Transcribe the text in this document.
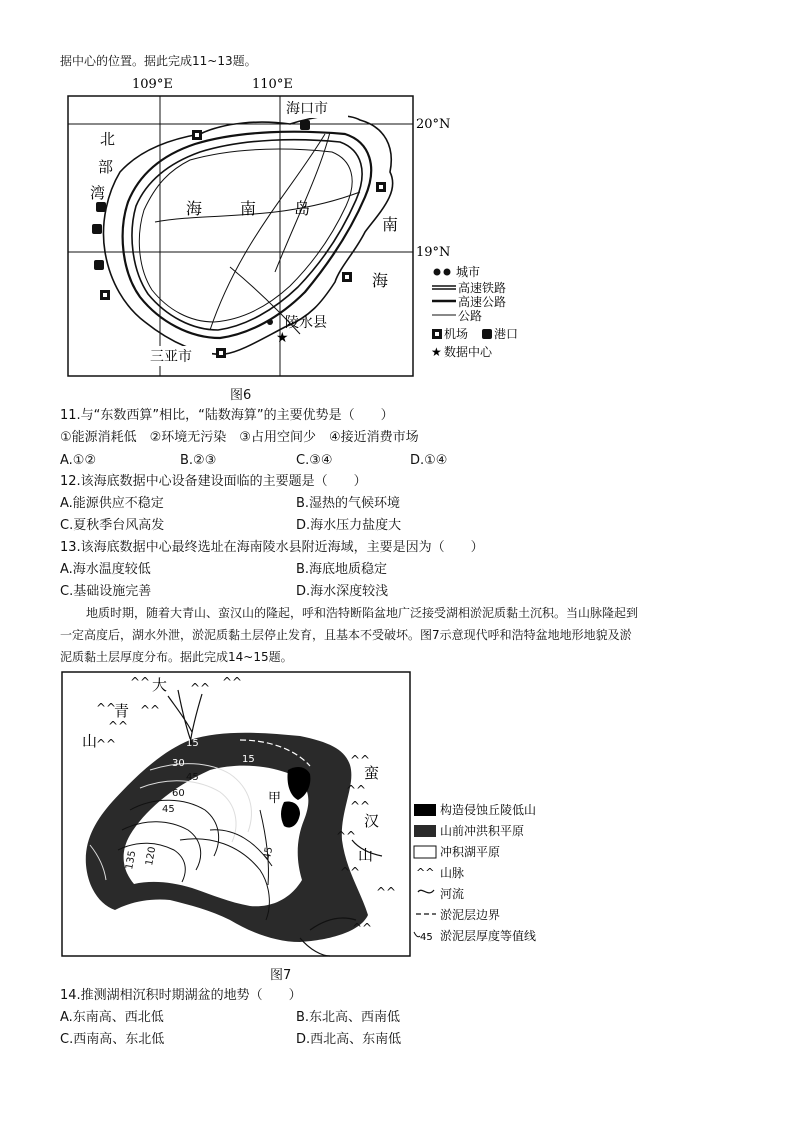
据中心的位置。据此完成11~13题。
109°E	110°E
20°N
19°N
海口市
北
部
湾
海 南 岛
南
海
陵水县
三亚市
★
城市
高速铁路
高速公路
公路
机场 港口
★ 数据中心
图6
11.与“东数西算”相比，“陆数海算”的主要优势是（　　）
①能源消耗低　②环境无污染　③占用空间少　④接近消费市场
A.①②	B.②③	C.③④	D.①④
12.该海底数据中心设备建设面临的主要题是（　　）
A.能源供应不稳定	B.湿热的气候环境
C.夏秋季台风高发	D.海水压力盐度大
13.该海底数据中心最终选址在海南陵水县附近海域，主要是因为（　　）
A.海水温度较低	B.海底地质稳定
C.基础设施完善	D.海水深度较浅
地质时期，随着大青山、蛮汉山的隆起，呼和浩特断陷盆地广泛接受湖相淤泥质黏土沉积。当山脉隆起到
一定高度后，湖水外泄，淤泥质黏土层停止发育，且基本不受破坏。图7示意现代呼和浩特盆地地形地貌及淤
泥质黏土层厚度分布。据此完成14~15题。
15
30
45
60
45
15
135 120	45
大
青
山
蛮
汉
山
甲
^^	^^ ^^
^^ ^^
^^
^^
^^
^^
^^
^^
^^
^^
^^
构造侵蚀丘陵低山
山前冲洪积平原
冲积湖平原
^^ 山脉
河流
淤泥层边界
45 淤泥层厚度等值线
图7
14.推测湖相沉积时期湖盆的地势（　　）
A.东南高、西北低	B.东北高、西南低
C.西南高、东北低	D.西北高、东南低
